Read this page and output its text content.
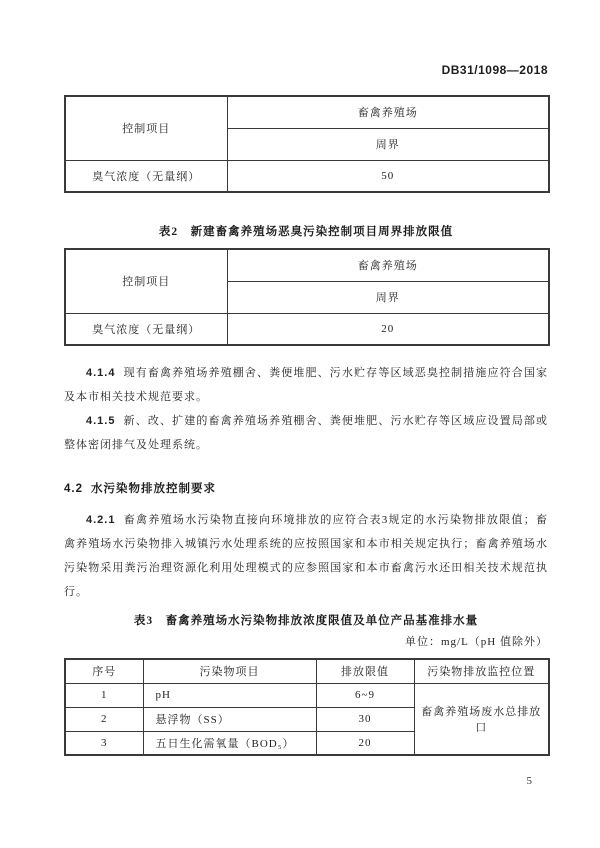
DB31/1098—2018
控制项目	畜禽养殖场
	周界
臭气浓度（无量纲）	50
表2　新建畜禽养殖场恶臭污染控制项目周界排放限值
控制项目	畜禽养殖场
	周界
臭气浓度（无量纲）	20

4.1.4 现有畜禽养殖场养殖棚舍、粪便堆肥、污水贮存等区域恶臭控制措施应符合国家及本市相关技术规范要求。

4.1.5 新、改、扩建的畜禽养殖场养殖棚舍、粪便堆肥、污水贮存等区域应设置局部或整体密闭排气及处理系统。

4.2 水污染物排放控制要求

4.2.1 畜禽养殖场水污染物直接向环境排放的应符合表3规定的水污染物排放限值；畜禽养殖场水污染物排入城镇污水处理系统的应按照国家和本市相关规定执行；畜禽养殖场水污染物采用粪污治理资源化利用处理模式的应参照国家和本市畜禽污水还田相关技术规范执行。

表3　畜禽养殖场水污染物排放浓度限值及单位产品基准排水量
单位：mg/L（pH 值除外）
序号	污染物项目	排放限值	污染物排放监控位置
1	pH	6~9	畜禽养殖场废水总排放口
2	悬浮物（SS）	30	
3	五日生化需氧量（BOD₅）	20	
5
